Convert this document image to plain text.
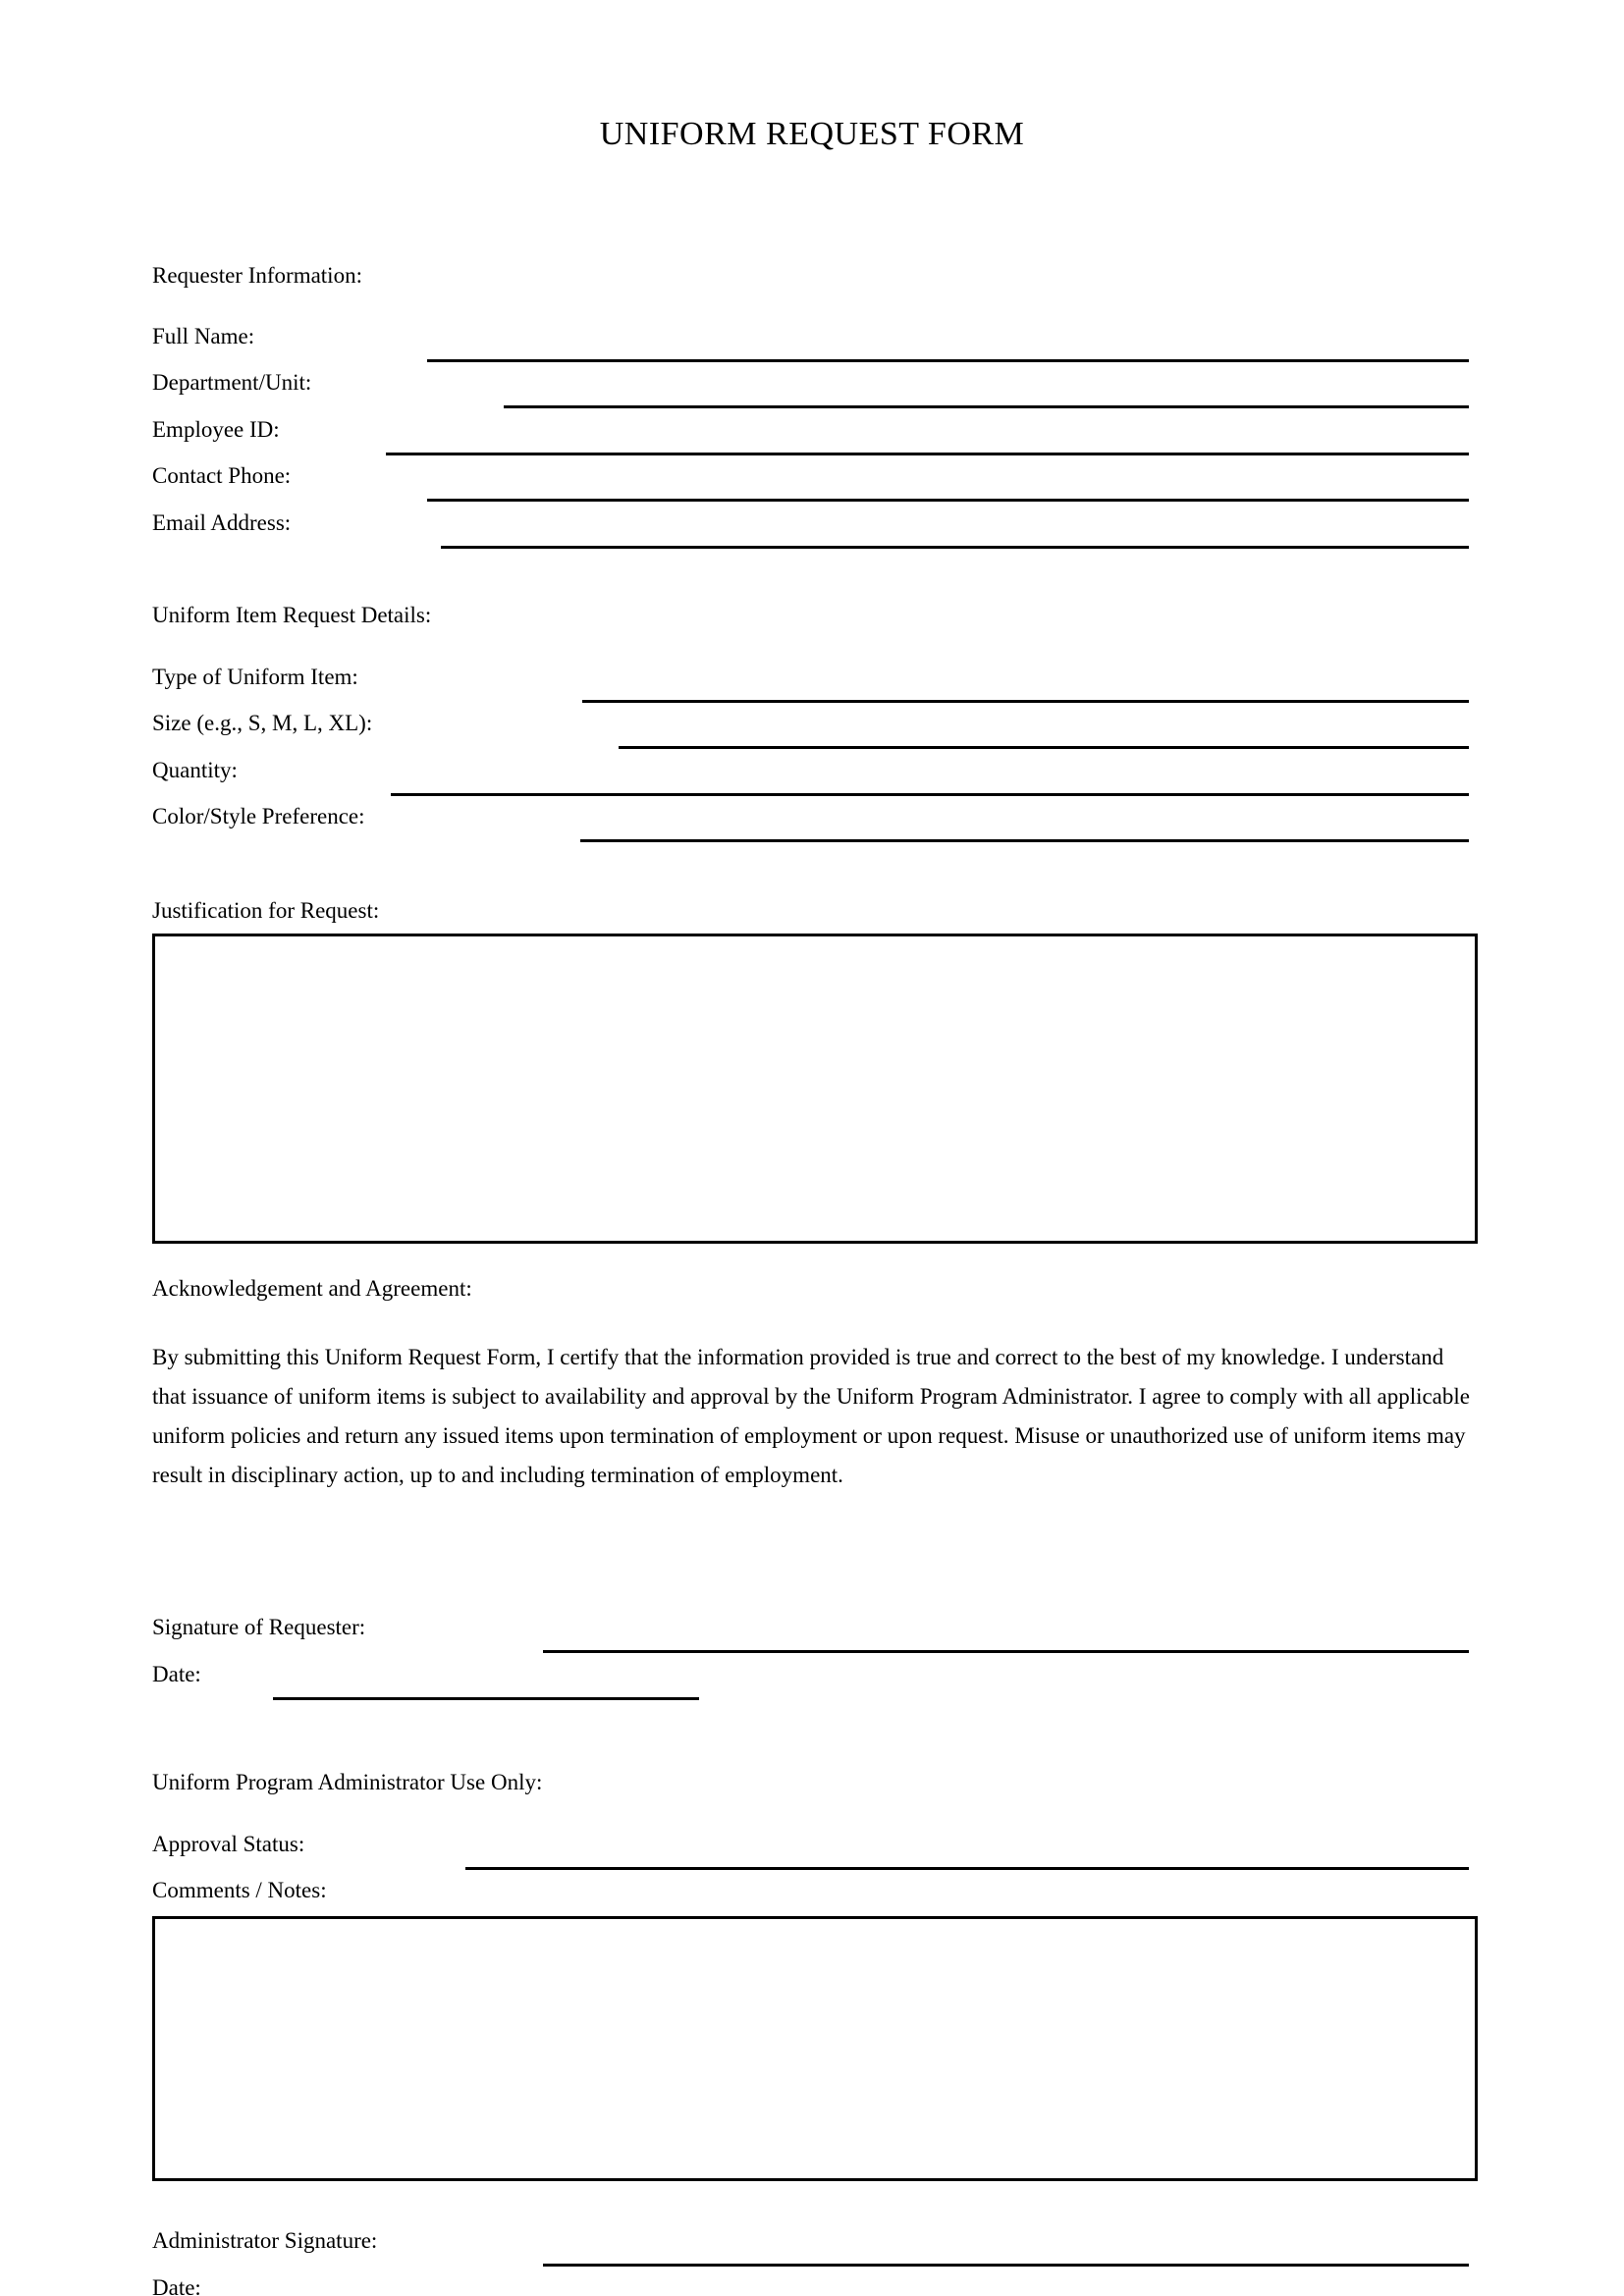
UNIFORM REQUEST FORM
Requester Information:
Full Name:
Department/Unit:
Employee ID:
Contact Phone:
Email Address:
Uniform Item Request Details:
Type of Uniform Item:
Size (e.g., S, M, L, XL):
Quantity:
Color/Style Preference:
Justification for Request:
Acknowledgement and Agreement:
By submitting this Uniform Request Form, I certify that the information provided is true and correct to the best of my knowledge. I understand that issuance of uniform items is subject to availability and approval by the Uniform Program Administrator. I agree to comply with all applicable uniform policies and return any issued items upon termination of employment or upon request. Misuse or unauthorized use of uniform items may result in disciplinary action, up to and including termination of employment.
Signature of Requester:
Date:
Uniform Program Administrator Use Only:
Approval Status:
Comments / Notes:
Administrator Signature:
Date:
